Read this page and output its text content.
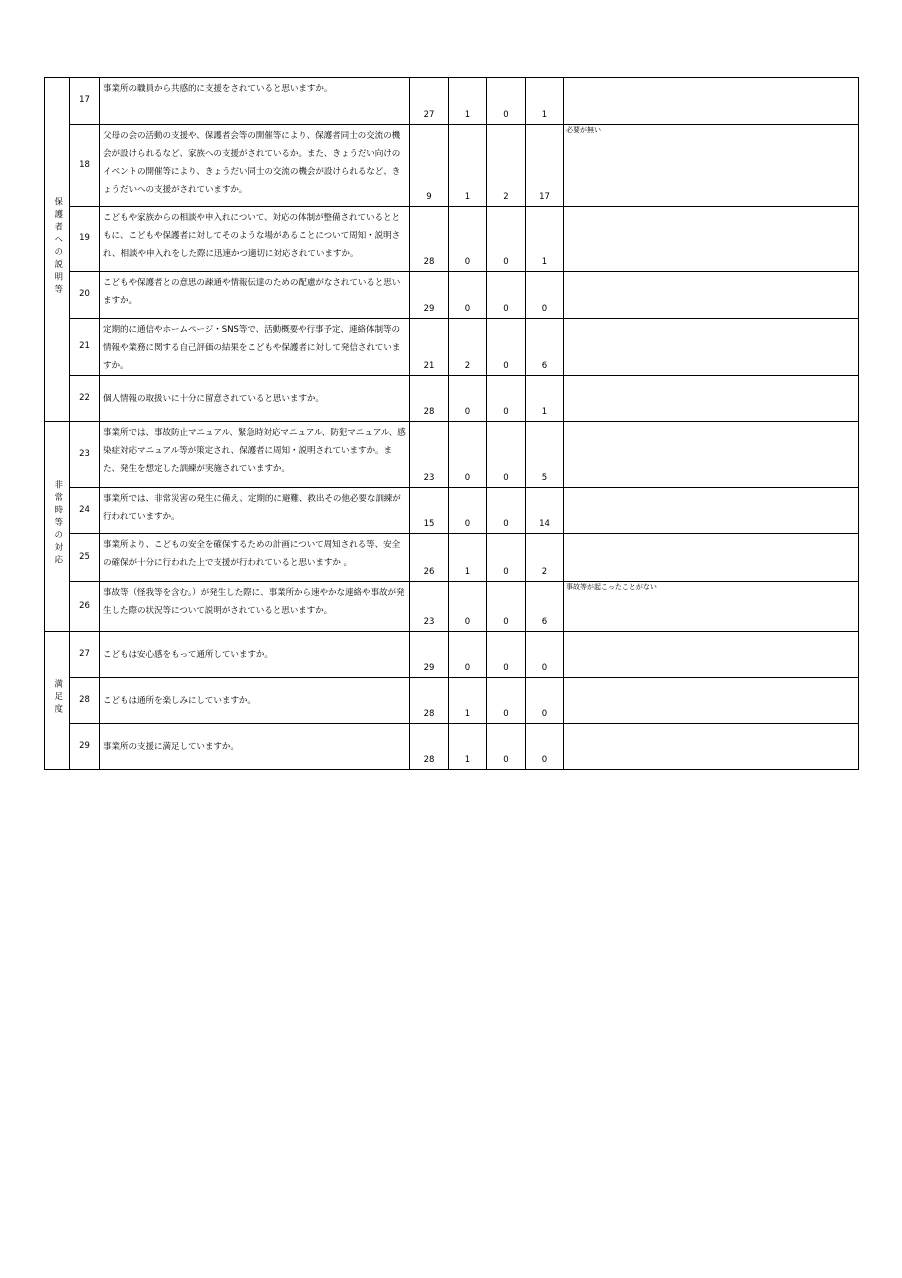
保護者への説明等	17	事業所の職員から共感的に支援をされていると思いますか。	27	1	0	1	
	18	父母の会の活動の支援や、保護者会等の開催等により、保護者同士の交流の機会が設けられるなど、家族への支援がされているか。また、きょうだい向けのイベントの開催等により、きょうだい同士の交流の機会が設けられるなど、きょうだいへの支援がされていますか。	9	1	2	17	必要が無い
	19	こどもや家族からの相談や申入れについて、対応の体制が整備されているとともに、こどもや保護者に対してそのような場があることについて周知・説明され、相談や申入れをした際に迅速かつ適切に対応されていますか。	28	0	0	1	
	20	こどもや保護者との意思の疎通や情報伝達のための配慮がなされていると思いますか。	29	0	0	0	
	21	定期的に通信やホームページ・SNS等で、活動概要や行事予定、連絡体制等の情報や業務に関する自己評価の結果をこどもや保護者に対して発信されていますか。	21	2	0	6	
	22	個人情報の取扱いに十分に留意されていると思いますか。	28	0	0	1	
非常時等の対応	23	事業所では、事故防止マニュアル、緊急時対応マニュアル、防犯マニュアル、感染症対応マニュアル等が策定され、保護者に周知・説明されていますか。また、発生を想定した訓練が実施されていますか。	23	0	0	5	
	24	事業所では、非常災害の発生に備え、定期的に避難、救出その他必要な訓練が行われていますか。	15	0	0	14	
	25	事業所より、こどもの安全を確保するための計画について周知される等、安全の確保が十分に行われた上で支援が行われていると思いますか 。	26	1	0	2	
	26	事故等（怪我等を含む。）が発生した際に、事業所から速やかな連絡や事故が発生した際の状況等について説明がされていると思いますか。	23	0	0	6	事故等が起こったことがない
満足度	27	こどもは安心感をもって通所していますか。	29	0	0	0	
	28	こどもは通所を楽しみにしていますか。	28	1	0	0	
	29	事業所の支援に満足していますか。	28	1	0	0	
